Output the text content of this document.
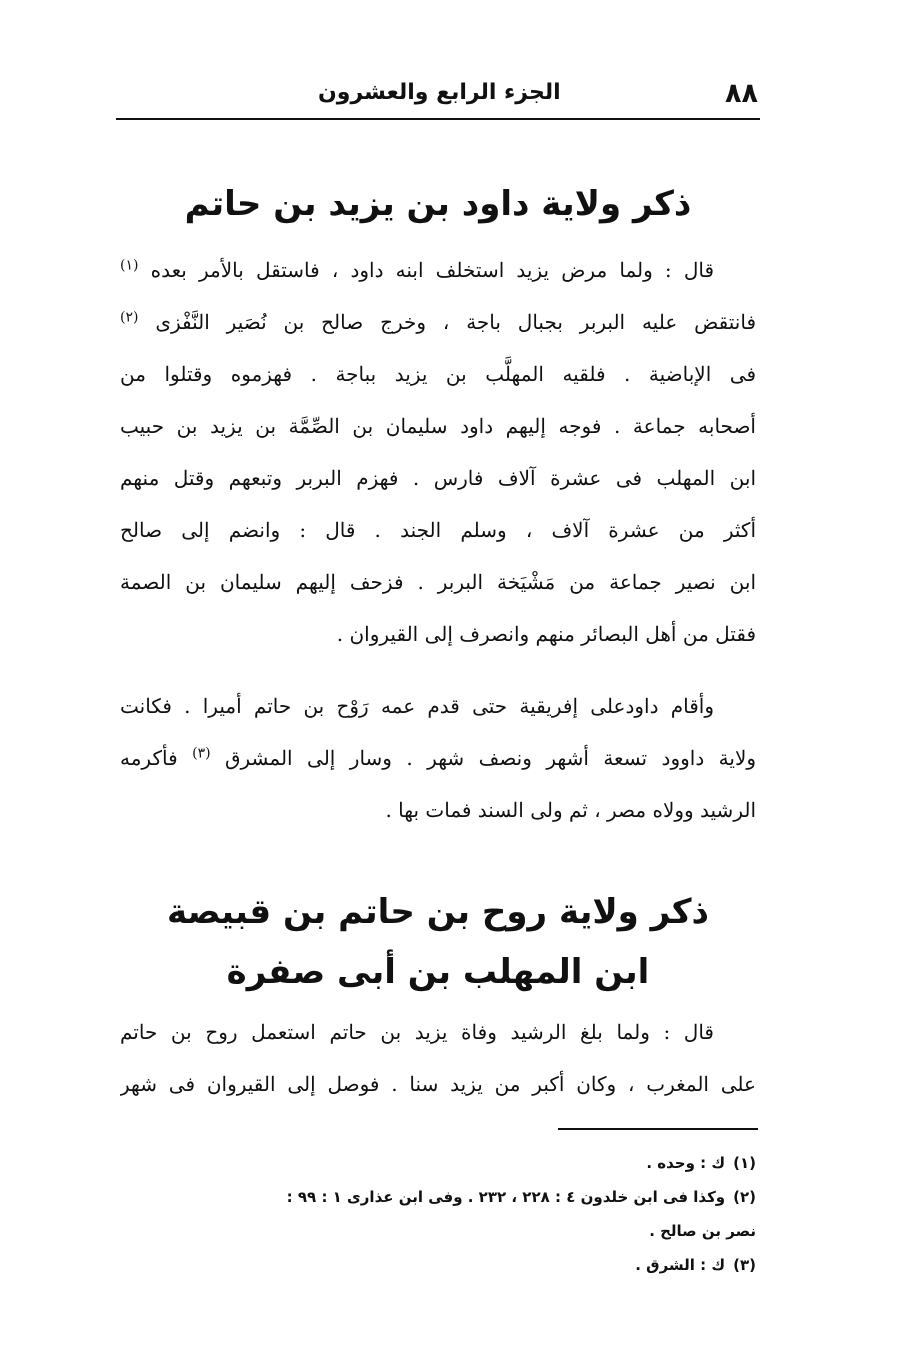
٨٨
الجزء الرابع والعشرون
ذكر ولاية داود بن يزيد بن حاتم
قال : ولما مرض يزيد استخلف ابنه داود ، فاستقل بالأمر بعده $^{(١)}$
فانتقض عليه البربر بجبال باجة ، وخرج صالح بن نُصَير النَّفْزى $^{(٢)}$
فى الإباضية . فلقيه المهلَّب بن يزيد بباجة . فهزموه وقتلوا من
أصحابه جماعة . فوجه إليهم داود سليمان بن الصِّمَّة بن يزيد بن حبيب
ابن المهلب فى عشرة آلاف فارس . فهزم البربر وتبعهم وقتل منهم
أكثر من عشرة آلاف ، وسلم الجند . قال : وانضم إلى صالح
ابن نصير جماعة من مَشْيَخة البربر . فزحف إليهم سليمان بن الصمة
فقتل من أهل البصائر منهم وانصرف إلى القيروان .
وأقام داودعلى إفريقية حتى قدم عمه رَوْح بن حاتم أميرا . فكانت
ولاية داوود تسعة أشهر ونصف شهر . وسار إلى المشرق $^{(٣)}$ فأكرمه
الرشيد وولاه مصر ، ثم ولى السند فمات بها .
ذكر ولاية روح بن حاتم بن قبيصة
ابن المهلب بن أبى صفرة
قال : ولما بلغ الرشيد وفاة يزيد بن حاتم استعمل روح بن حاتم
على المغرب ، وكان أكبر من يزيد سنا . فوصل إلى القيروان فى شهر
(١)ك : وحده .
(٢)وكذا فى ابن خلدون ٤ : ٢٢٨ ، ٢٣٢ . وفى ابن عذارى ١ : ٩٩ :
نصر بن صالح .
(٣)ك : الشرق .
